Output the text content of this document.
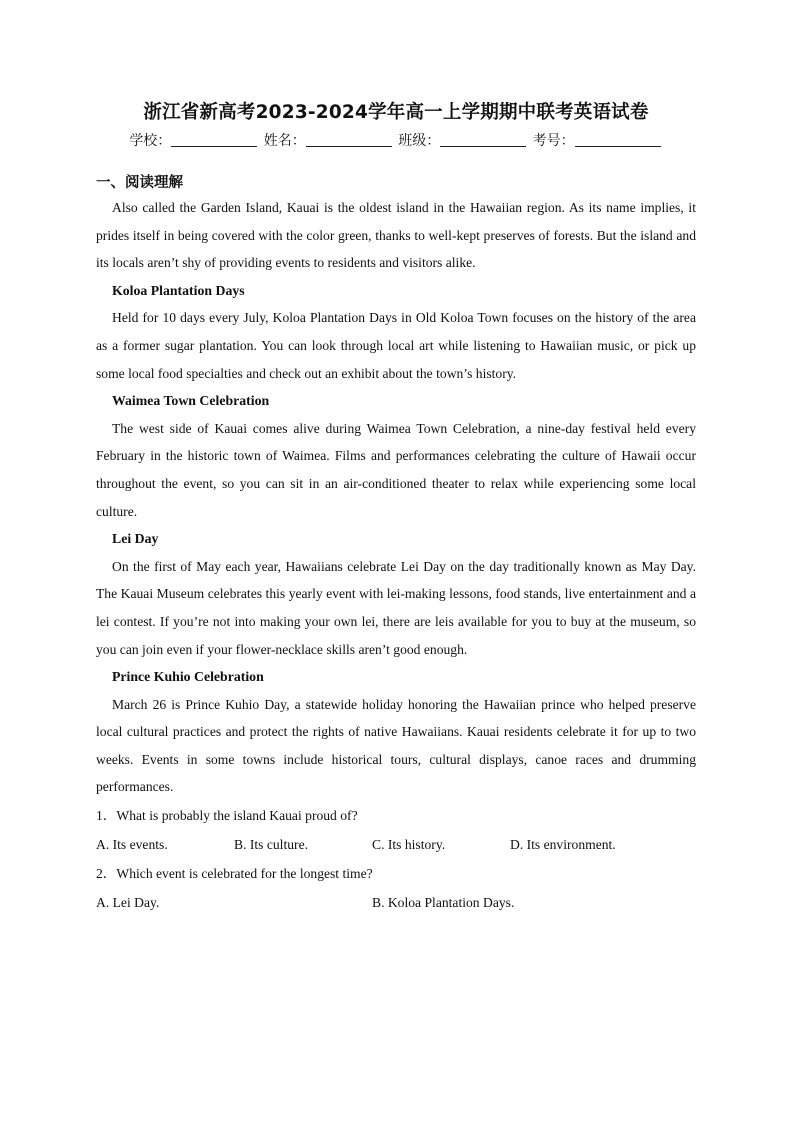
浙江省新高考2023-2024学年高一上学期期中联考英语试卷
学校：	姓名：	班级：	考号：
一、阅读理解

Also called the Garden Island, Kauai is the oldest island in the Hawaiian region. As its name implies, it prides itself in being covered with the color green, thanks to well-kept preserves of forests. But the island and its locals aren’t shy of providing events to residents and visitors alike.

Koloa Plantation Days

Held for 10 days every July, Koloa Plantation Days in Old Koloa Town focuses on the history of the area as a former sugar plantation. You can look through local art while listening to Hawaiian music, or pick up some local food specialties and check out an exhibit about the town’s history.

Waimea Town Celebration

The west side of Kauai comes alive during Waimea Town Celebration, a nine-day festival held every February in the historic town of Waimea. Films and performances celebrating the culture of Hawaii occur throughout the event, so you can sit in an air-conditioned theater to relax while experiencing some local culture.

Lei Day

On the first of May each year, Hawaiians celebrate Lei Day on the day traditionally known as May Day. The Kauai Museum celebrates this yearly event with lei-making lessons, food stands, live entertainment and a lei contest. If you’re not into making your own lei, there are leis available for you to buy at the museum, so you can join even if your flower-necklace skills aren’t good enough.

Prince Kuhio Celebration

March 26 is Prince Kuhio Day, a statewide holiday honoring the Hawaiian prince who helped preserve local cultural practices and protect the rights of native Hawaiians. Kauai residents celebrate it for up to two weeks. Events in some towns include historical tours, cultural displays, canoe races and drumming performances.

1．What is probably the island Kauai proud of?

A. Its events.	B. Its culture.	C. Its history.	D. Its environment.

2．Which event is celebrated for the longest time?

A. Lei Day.	B. Koloa Plantation Days.
